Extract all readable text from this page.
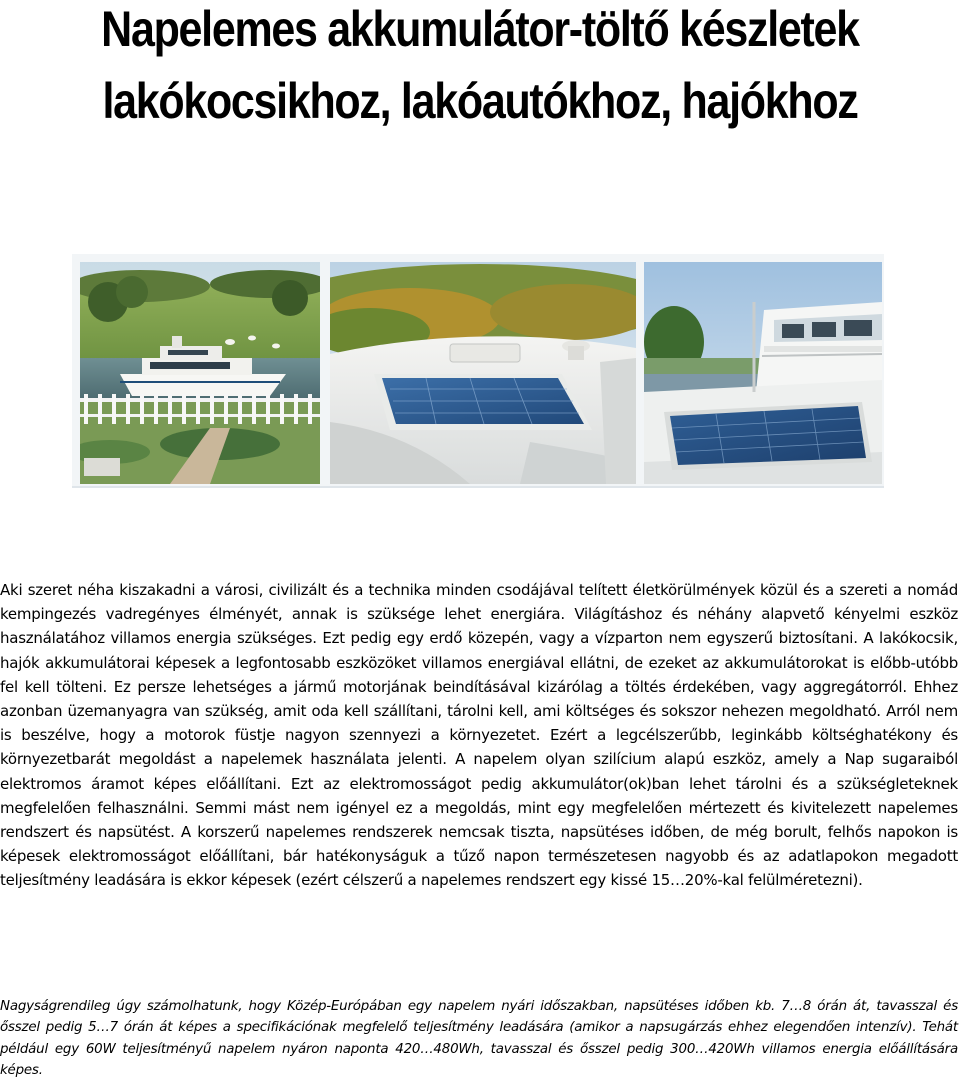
Napelemes akkumulátor-töltő készletek
lakókocsikhoz, lakóautókhoz, hajókhoz

Aki szeret néha kiszakadni a városi, civilizált és a technika minden csodájával telített életkörülmények közül és a szereti a nomád kempingezés vadregényes élményét, annak is szüksége lehet energiára. Világításhoz és néhány alapvető kényelmi eszköz használatához villamos energia szükséges. Ezt pedig egy erdő közepén, vagy a vízparton nem egyszerű biztosítani. A lakókocsik, hajók akkumulátorai képesek a legfontosabb eszközöket villamos energiával ellátni, de ezeket az akkumulátorokat is előbb-utóbb fel kell tölteni. Ez persze lehetséges a jármű motorjának beindításával kizárólag a töltés érdekében, vagy aggregátorról. Ehhez azonban üzemanyagra van szükség, amit oda kell szállítani, tárolni kell, ami költséges és sokszor nehezen megoldható. Arról nem is beszélve, hogy a motorok füstje nagyon szennyezi a környezetet. Ezért a legcélszerűbb, leginkább költséghatékony és környezetbarát megoldást a napelemek használata jelenti. A napelem olyan szilícium alapú eszköz, amely a Nap sugaraiból elektromos áramot képes előállítani. Ezt az elektromosságot pedig akkumulátor(ok)ban lehet tárolni és a szükségleteknek megfelelően felhasználni. Semmi mást nem igényel ez a megoldás, mint egy megfelelően mértezett és kivitelezett napelemes rendszert és napsütést. A korszerű napelemes rendszerek nemcsak tiszta, napsütéses időben, de még borult, felhős napokon is képesek elektromosságot előállítani, bár hatékonyságuk a tűző napon természetesen nagyobb és az adatlapokon megadott teljesítmény leadására is ekkor képesek (ezért célszerű a napelemes rendszert egy kissé 15…20%-kal felülméretezni).

Nagyságrendileg úgy számolhatunk, hogy Közép-Európában egy napelem nyári időszakban, napsütéses időben kb. 7…8 órán át, tavasszal és ősszel pedig 5…7 órán át képes a specifikációnak megfelelő teljesítmény leadására (amikor a napsugárzás ehhez elegendően intenzív). Tehát például egy 60W teljesítményű napelem nyáron naponta 420…480Wh, tavasszal és ősszel pedig 300…420Wh villamos energia előállítására képes.
